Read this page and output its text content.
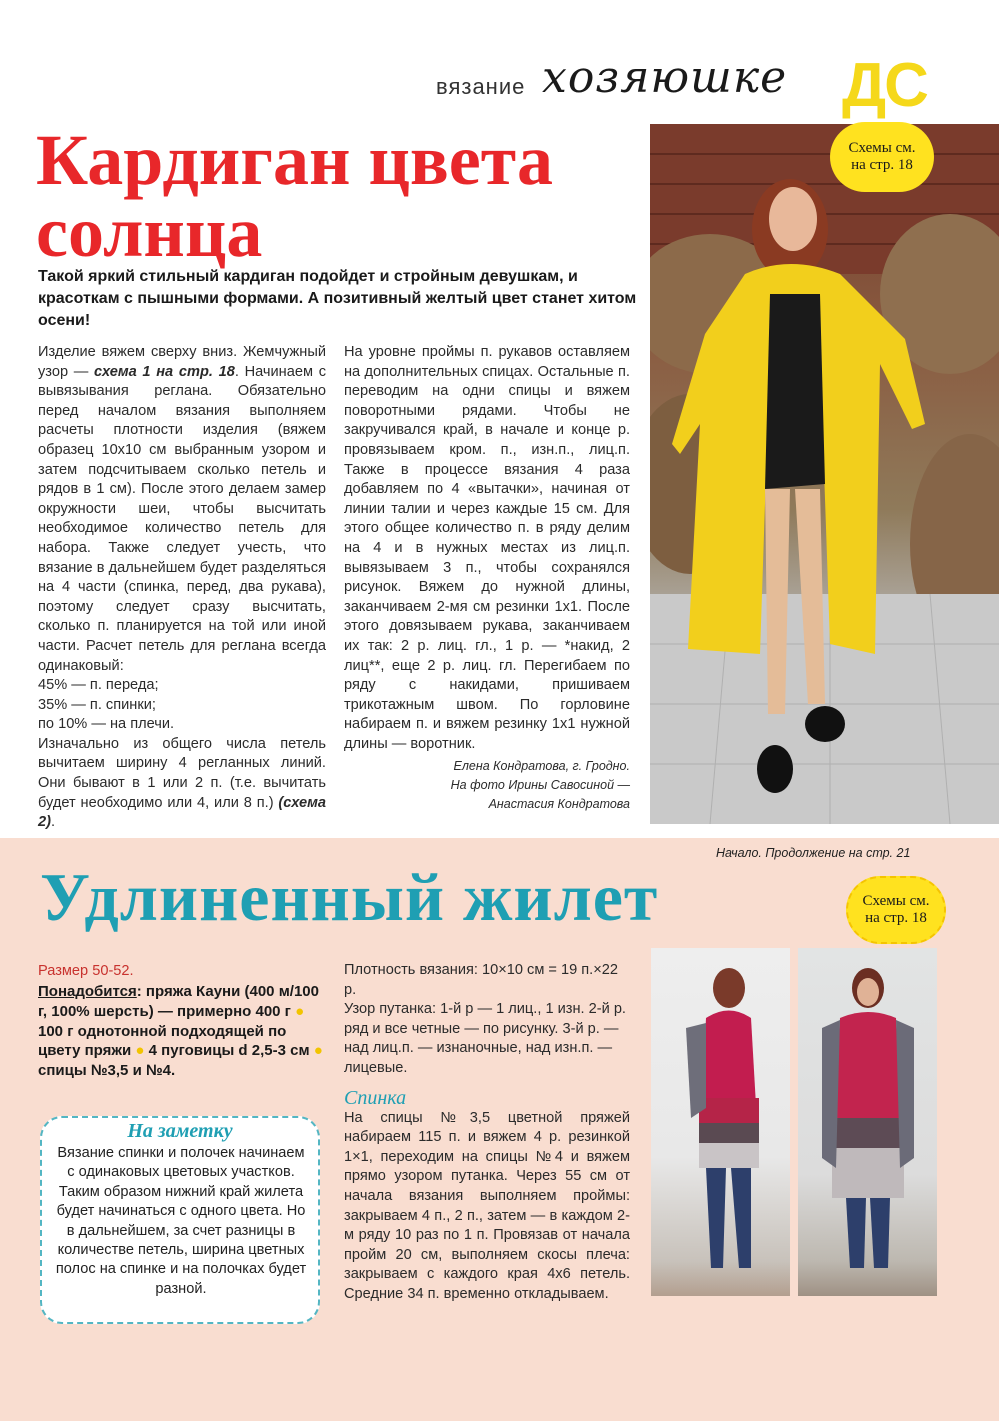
вязание хозяюшке ДС
Кардиган цвета
солнца
Схемы см.
на стр. 18
Такой яркий стильный кардиган подойдет и стройным девушкам, и красоткам с пышными формами. А позитивный желтый цвет станет хитом осени!

Изделие вяжем сверху вниз. Жемчужный узор — схема 1 на стр. 18. Начинаем с вывязывания реглана. Обязательно перед началом вязания выполняем расчеты плотности изделия (вяжем образец 10х10 см выбранным узором и затем подсчитываем сколько петель и рядов в 1 см). После этого делаем замер окружности шеи, чтобы высчитать необходимое количество петель для набора. Также следует учесть, что вязание в дальнейшем будет разделяться на 4 части (спинка, перед, два рукава), поэтому следует сразу высчитать, сколько п. планируется на той или иной части. Расчет петель для реглана всегда одинаковый:

45% — п. переда;

35% — п. спинки;

по 10% — на плечи.

Изначально из общего числа петель вычитаем ширину 4 регланных линий. Они бывают в 1 или 2 п. (т.е. вычитать будет необходимо или 4, или 8 п.) (схема 2).

На уровне проймы п. рукавов оставляем на дополнительных спицах. Остальные п. переводим на одни спицы и вяжем поворотными рядами. Чтобы не закручивался край, в начале и конце р. провязываем кром. п., изн.п., лиц.п. Также в процессе вязания 4 раза добавляем по 4 «вытачки», начиная от линии талии и через каждые 15 см. Для этого общее количество п. в ряду делим на 4 и в нужных местах из лиц.п. вывязываем 3 п., чтобы сохранялся рисунок. Вяжем до нужной длины, заканчиваем 2-мя см резинки 1х1. После этого довязываем рукава, заканчиваем их так: 2 р. лиц. гл., 1 р. — *накид, 2 лиц**, еще 2 р. лиц. гл. Перегибаем по ряду с накидами, пришиваем трикотажным швом. По горловине набираем п. и вяжем резинку 1х1 нужной длины — воротник.

Елена Кондратова, г. Гродно.
На фото Ирины Савосиной —
Анастасия Кондратова
Начало. Продолжение на стр. 21
Удлиненный жилет	Схемы см.
на стр. 18
Размер 50-52.
Понадобится: пряжа Кауни (400 м/100 г, 100% шерсть) — примерно 400 г ● 100 г однотонной подходящей по цвету пряжи ● 4 пуговицы d 2,5-3 см ● спицы №3,5 и №4.
На заметку
Вязание спинки и полочек начинаем с одинаковых цветовых участков. Таким образом нижний край жилета будет начинаться с одного цвета. Но в дальнейшем, за счет разницы в количестве петель, ширина цветных полос на спинке и на полочках будет разной.
Плотность вязания: 10×10 см = 19 п.×22 р.
Узор путанка: 1-й р — 1 лиц., 1 изн. 2-й р. ряд и все четные — по рисунку. 3-й р. — над лиц.п. — изнаночные, над изн.п. — лицевые.
Спинка
На спицы №3,5 цветной пряжей набираем 115 п. и вяжем 4 р. резинкой 1×1, переходим на спицы №4 и вяжем прямо узором путанка. Через 55 см от начала вязания выполняем проймы: закрываем 4 п., 2 п., затем — в каждом 2-м ряду 10 раз по 1 п. Провязав от начала пройм 20 см, выполняем скосы плеча: закрываем с каждого края 4х6 петель. Средние 34 п. временно откладываем.
